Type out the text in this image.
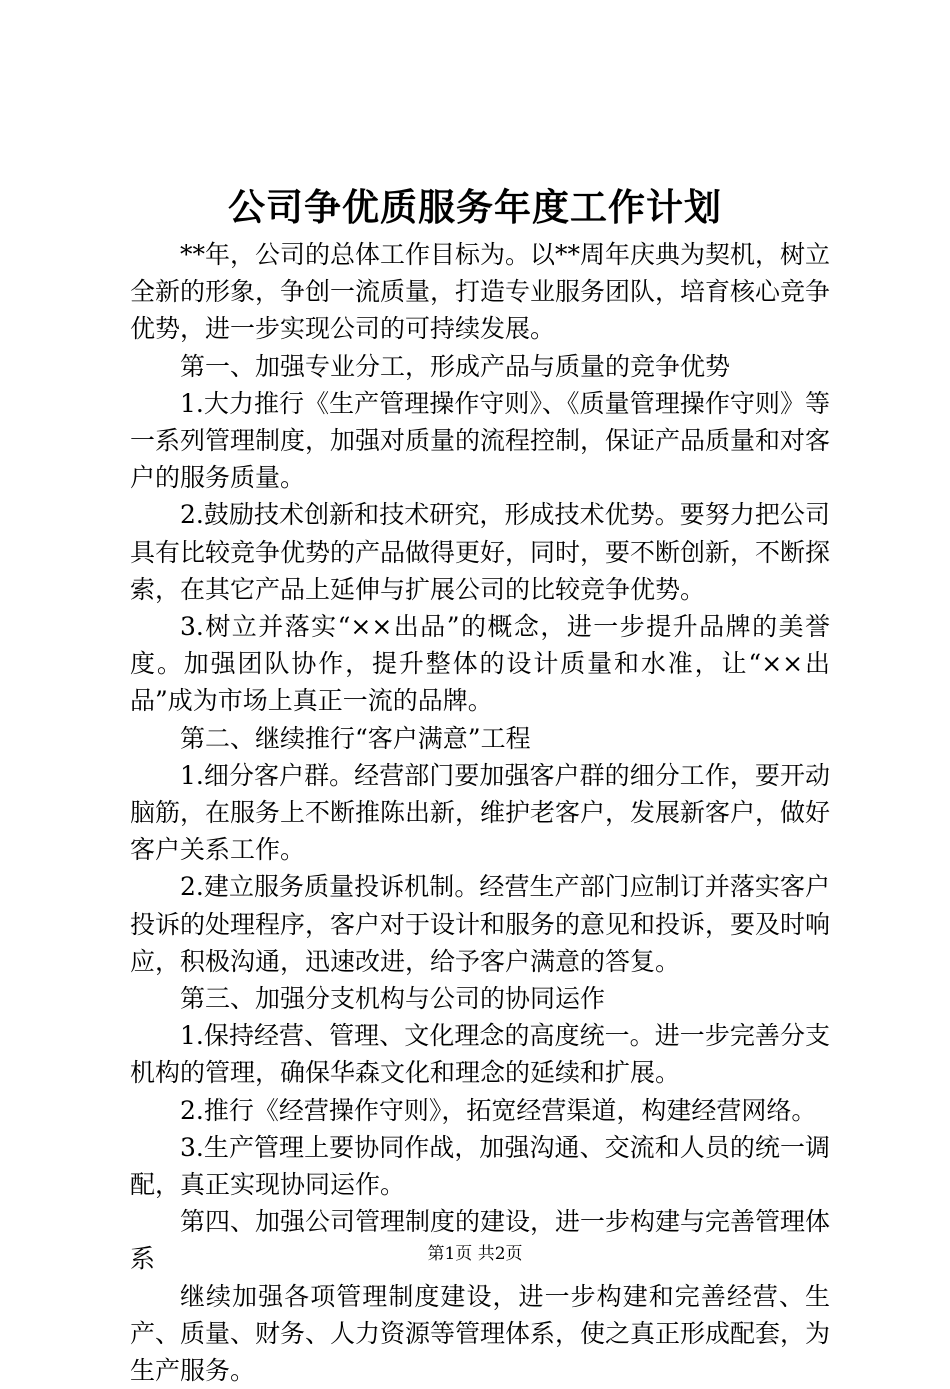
公司争优质服务年度工作计划

**年，公司的总体工作目标为。以**周年庆典为契机，树立全新的形象，争创一流质量，打造专业服务团队，培育核心竞争优势，进一步实现公司的可持续发展。

第一、加强专业分工，形成产品与质量的竞争优势

1.大力推行《生产管理操作守则》、《质量管理操作守则》等一系列管理制度，加强对质量的流程控制，保证产品质量和对客户的服务质量。

2.鼓励技术创新和技术研究，形成技术优势。要努力把公司具有比较竞争优势的产品做得更好，同时，要不断创新，不断探索，在其它产品上延伸与扩展公司的比较竞争优势。

3.树立并落实“××出品”的概念，进一步提升品牌的美誉度。加强团队协作，提升整体的设计质量和水准，让“××出品”成为市场上真正一流的品牌。

第二、继续推行“客户满意”工程

1.细分客户群。经营部门要加强客户群的细分工作，要开动脑筋，在服务上不断推陈出新，维护老客户，发展新客户，做好客户关系工作。

2.建立服务质量投诉机制。经营生产部门应制订并落实客户投诉的处理程序，客户对于设计和服务的意见和投诉，要及时响应，积极沟通，迅速改进，给予客户满意的答复。

第三、加强分支机构与公司的协同运作

1.保持经营、管理、文化理念的高度统一。进一步完善分支机构的管理，确保华森文化和理念的延续和扩展。

2.推行《经营操作守则》，拓宽经营渠道，构建经营网络。

3.生产管理上要协同作战，加强沟通、交流和人员的统一调配，真正实现协同运作。

第四、加强公司管理制度的建设，进一步构建与完善管理体系

继续加强各项管理制度建设，进一步构建和完善经营、生产、质量、财务、人力资源等管理体系，使之真正形成配套，为生产服务。

第1页 共2页
